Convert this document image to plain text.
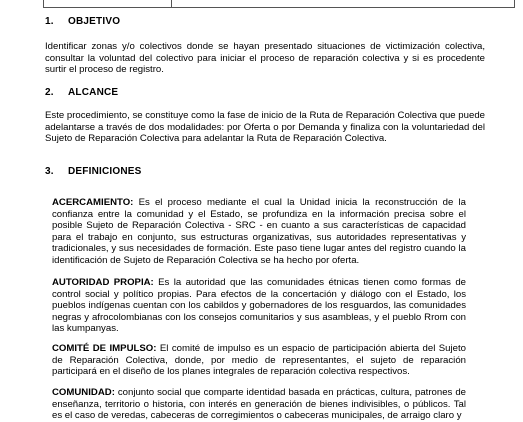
1. OBJETIVO
Identificar zonas y/o colectivos donde se hayan presentado situaciones de victimización colectiva, consultar la voluntad del colectivo para iniciar el proceso de reparación colectiva y si es procedente surtir el proceso de registro.
2. ALCANCE
Este procedimiento, se constituye como la fase de inicio de la Ruta de Reparación Colectiva que puede adelantarse a través de dos modalidades: por Oferta o por Demanda y finaliza con la voluntariedad del Sujeto de Reparación Colectiva para adelantar la Ruta de Reparación Colectiva.
3. DEFINICIONES
ACERCAMIENTO: Es el proceso mediante el cual la Unidad inicia la reconstrucción de la confianza entre la comunidad y el Estado, se profundiza en la información precisa sobre el posible Sujeto de Reparación Colectiva - SRC - en cuanto a sus características de capacidad para el trabajo en conjunto, sus estructuras organizativas, sus autoridades representativas y tradicionales, y sus necesidades de formación. Este paso tiene lugar antes del registro cuando la identificación de Sujeto de Reparación Colectiva se ha hecho por oferta.
AUTORIDAD PROPIA: Es la autoridad que las comunidades étnicas tienen como formas de control social y político propias. Para efectos de la concertación y diálogo con el Estado, los pueblos indígenas cuentan con los cabildos y gobernadores de los resguardos, las comunidades negras y afrocolombianas con los consejos comunitarios y sus asambleas, y el pueblo Rrom con las kumpanyas.
COMITÉ DE IMPULSO: El comité de impulso es un espacio de participación abierta del Sujeto de Reparación Colectiva, donde, por medio de representantes, el sujeto de reparación participará en el diseño de los planes integrales de reparación colectiva respectivos.
COMUNIDAD: conjunto social que comparte identidad basada en prácticas, cultura, patrones de enseñanza, territorio o historia, con interés en generación de bienes indivisibles, o públicos. Tal es el caso de veredas, cabeceras de corregimientos o cabeceras municipales, de arraigo claro y
